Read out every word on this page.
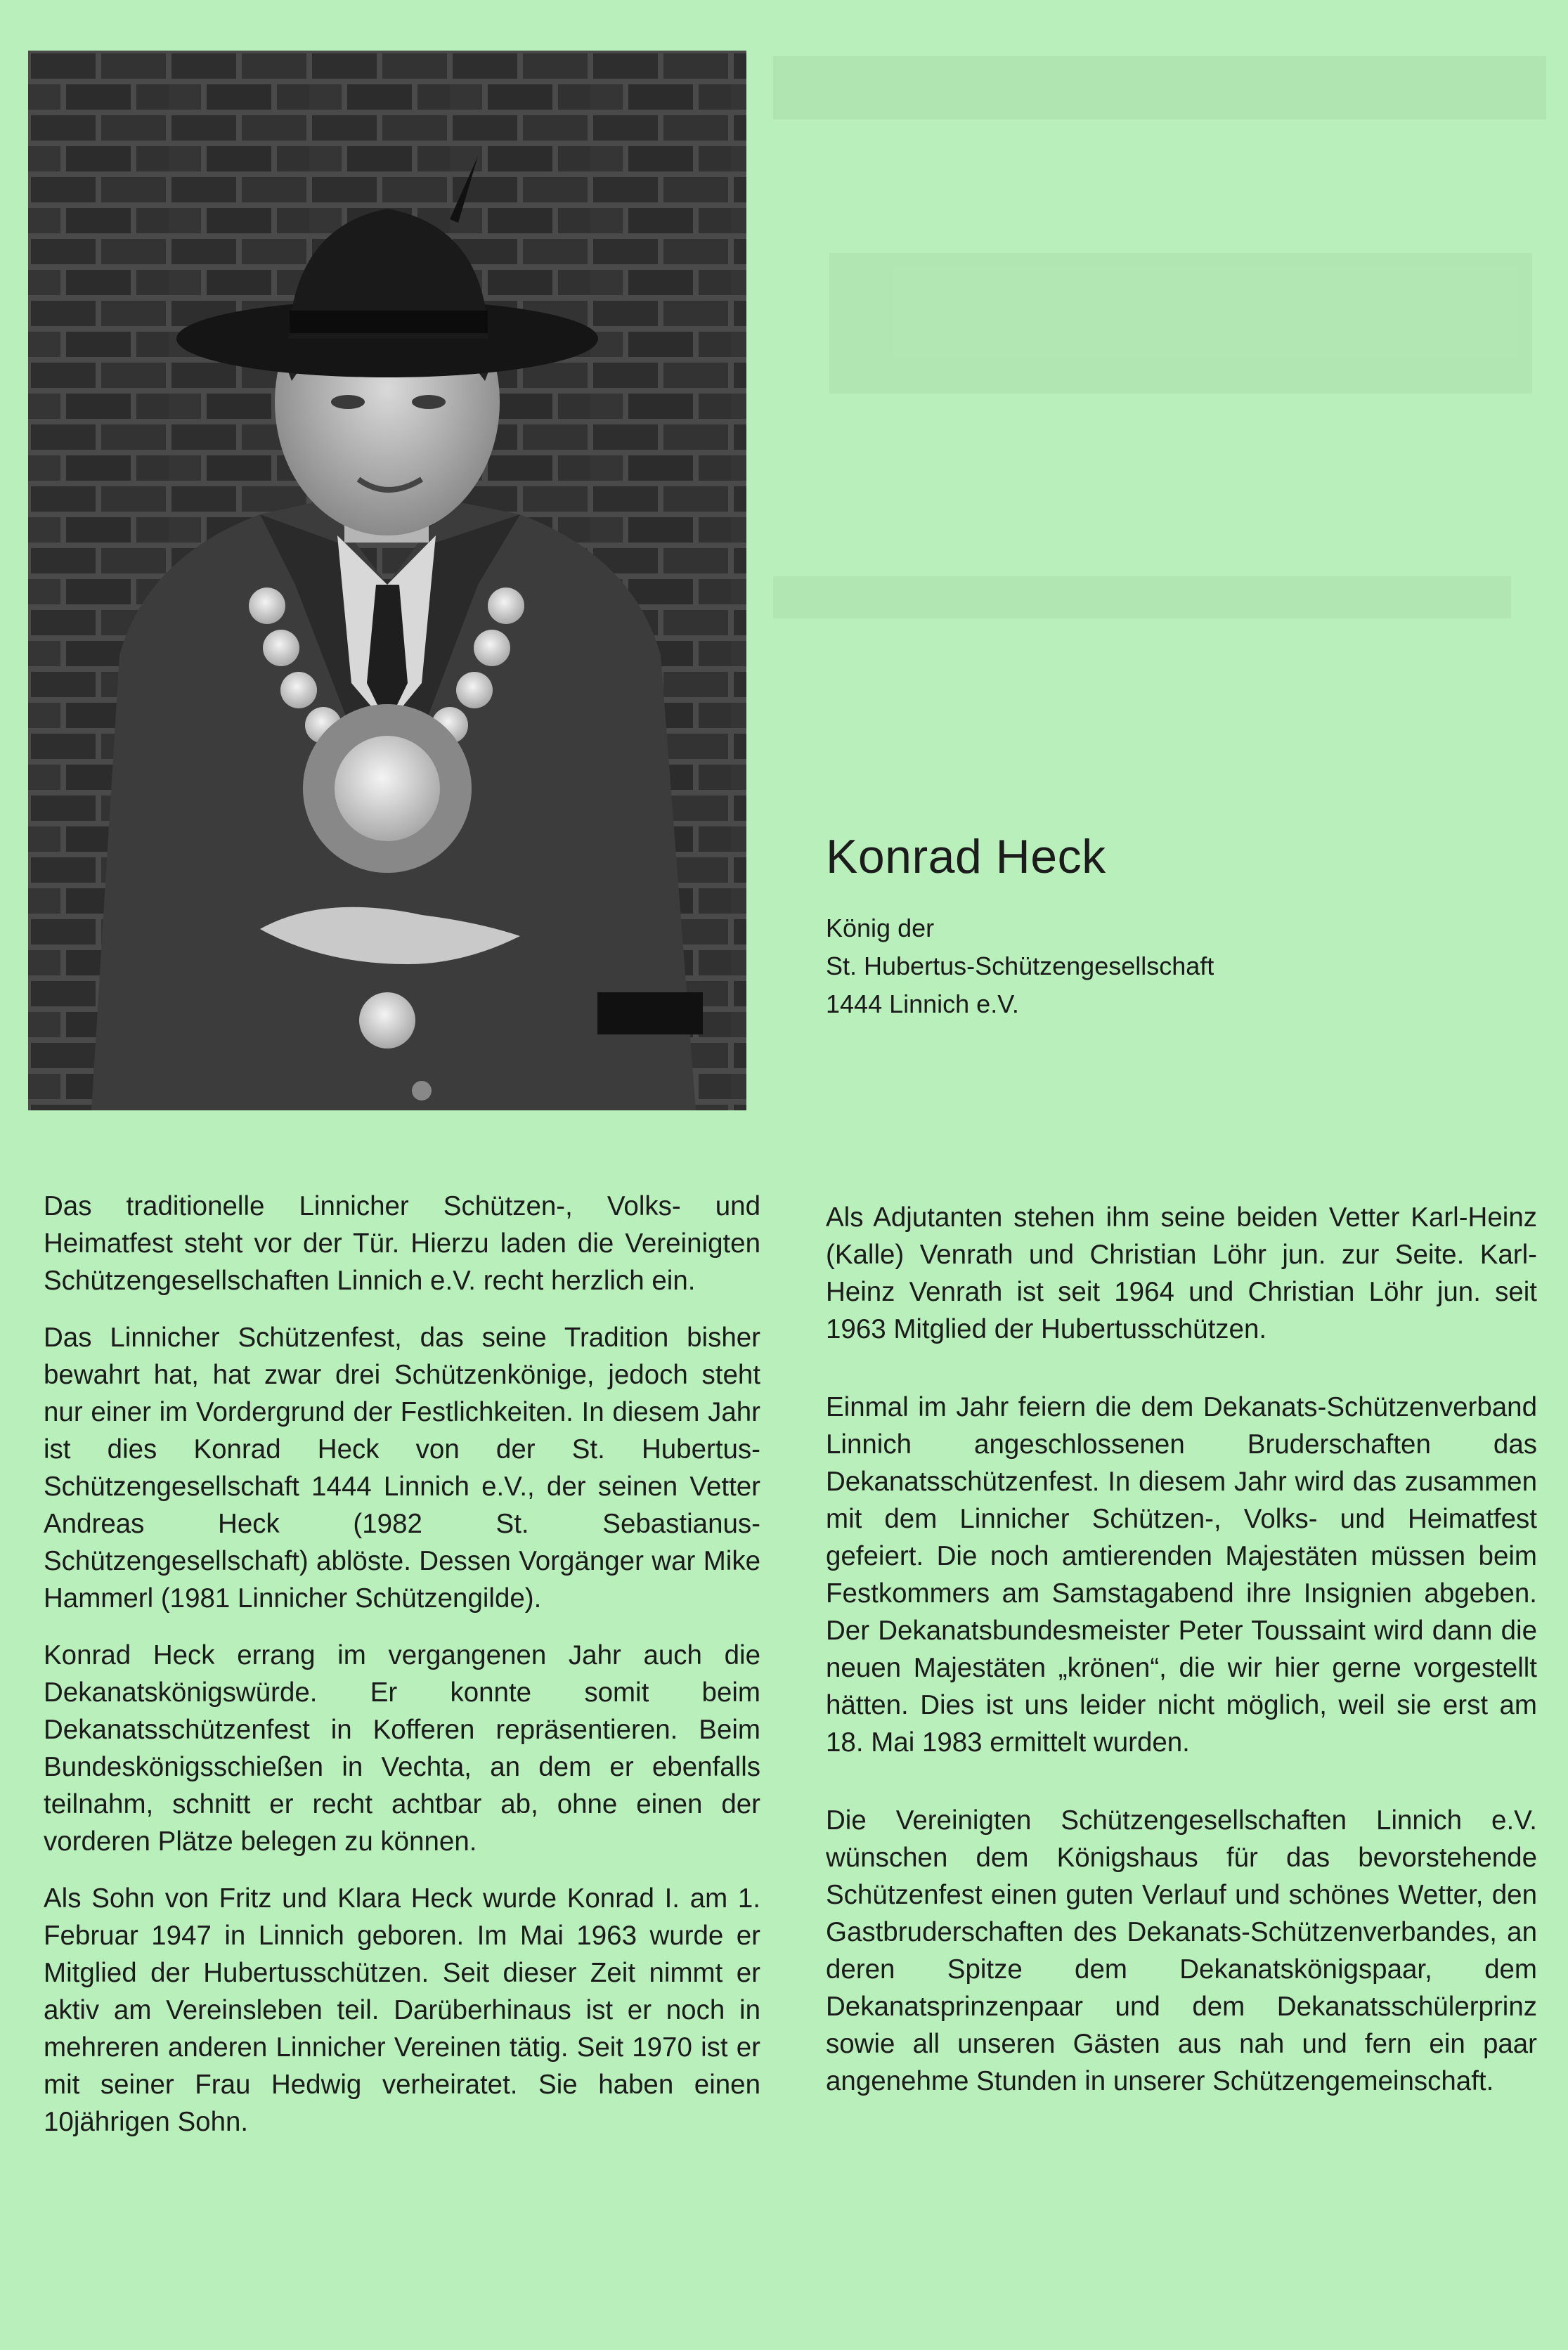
Konrad Heck

König der

St. Hubertus-Schützengesellschaft

1444 Linnich e.V.

Das traditionelle Linnicher Schützen-, Volks- und Heimatfest steht vor der Tür. Hierzu laden die Vereinigten Schützengesellschaften Linnich e.V. recht herzlich ein.

Das Linnicher Schützenfest, das seine Tradition bisher bewahrt hat, hat zwar drei Schützenkönige, jedoch steht nur einer im Vordergrund der Festlichkeiten. In diesem Jahr ist dies Konrad Heck von der St. Hubertus-Schützengesellschaft 1444 Linnich e.V., der seinen Vetter Andreas Heck (1982 St. Sebastianus-Schützengesellschaft) ablöste. Dessen Vorgänger war Mike Hammerl (1981 Linnicher Schützengilde).

Konrad Heck errang im vergangenen Jahr auch die Dekanatskönigswürde. Er konnte somit beim Dekanatsschützenfest in Kofferen repräsentieren. Beim Bundeskönigsschießen in Vechta, an dem er ebenfalls teilnahm, schnitt er recht achtbar ab, ohne einen der vorderen Plätze belegen zu können.

Als Sohn von Fritz und Klara Heck wurde Konrad I. am 1. Februar 1947 in Linnich geboren. Im Mai 1963 wurde er Mitglied der Hubertusschützen. Seit dieser Zeit nimmt er aktiv am Vereinsleben teil. Darüberhinaus ist er noch in mehreren anderen Linnicher Vereinen tätig. Seit 1970 ist er mit seiner Frau Hedwig verheiratet. Sie haben einen 10jährigen Sohn.

Als Adjutanten stehen ihm seine beiden Vetter Karl-Heinz (Kalle) Venrath und Christian Löhr jun. zur Seite. Karl-Heinz Venrath ist seit 1964 und Christian Löhr jun. seit 1963 Mitglied der Hubertusschützen.

Einmal im Jahr feiern die dem Dekanats-Schützenverband Linnich angeschlossenen Bruderschaften das Dekanatsschützenfest. In diesem Jahr wird das zusammen mit dem Linnicher Schützen-, Volks- und Heimatfest gefeiert. Die noch amtierenden Majestäten müssen beim Festkommers am Samstagabend ihre Insignien abgeben. Der Dekanatsbundesmeister Peter Toussaint wird dann die neuen Majestäten „krönen“, die wir hier gerne vorgestellt hätten. Dies ist uns leider nicht möglich, weil sie erst am 18. Mai 1983 ermittelt wurden.

Die Vereinigten Schützengesellschaften Linnich e.V. wünschen dem Königshaus für das bevorstehende Schützenfest einen guten Verlauf und schönes Wetter, den Gastbruderschaften des Dekanats-Schützenverbandes, an deren Spitze dem Dekanatskönigspaar, dem Dekanatsprinzenpaar und dem Dekanatsschülerprinz sowie all unseren Gästen aus nah und fern ein paar angenehme Stunden in unserer Schützengemeinschaft.
